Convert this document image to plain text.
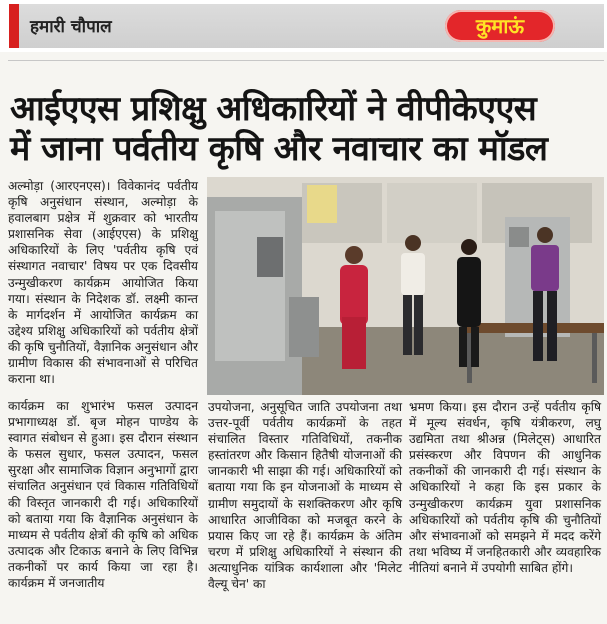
हमारी चौपाल	कुमाऊं
आईएएस प्रशिक्षु अधिकारियों ने वीपीकेएएस
में जाना पर्वतीय कृषि और नवाचार का मॉडल
अल्मोड़ा (आरएनएस)। विवेकानंद पर्वतीय कृषि अनुसंधान संस्थान, अल्मोड़ा के हवालबाग प्रक्षेत्र में शुक्रवार को भारतीय प्रशासनिक सेवा (आईएएस) के प्रशिक्षु अधिकारियों के लिए 'पर्वतीय कृषि एवं संस्थागत नवाचार' विषय पर एक दिवसीय उन्मुखीकरण कार्यक्रम आयोजित किया गया। संस्थान के निदेशक डॉ. लक्ष्मी कान्त के मार्गदर्शन में आयोजित कार्यक्रम का उद्देश्य प्रशिक्षु अधिकारियों को पर्वतीय क्षेत्रों की कृषि चुनौतियों, वैज्ञानिक अनुसंधान और ग्रामीण विकास की संभावनाओं से परिचित कराना था।
कार्यक्रम का शुभारंभ फसल उत्पादन प्रभागाध्यक्ष डॉ. बृज मोहन पाण्डेय के स्वागत संबोधन से हुआ। इस दौरान संस्थान के फसल सुधार, फसल उत्पादन, फसल सुरक्षा और सामाजिक विज्ञान अनुभागों द्वारा संचालित अनुसंधान एवं विकास गतिविधियों की विस्तृत जानकारी दी गई। अधिकारियों को बताया गया कि वैज्ञानिक अनुसंधान के माध्यम से पर्वतीय क्षेत्रों की कृषि को अधिक उत्पादक और टिकाऊ बनाने के लिए विभिन्न तकनीकों पर कार्य किया जा रहा है। कार्यक्रम में जनजातीय
उपयोजना, अनुसूचित जाति उपयोजना तथा उत्तर-पूर्वी पर्वतीय कार्यक्रमों के तहत संचालित विस्तार गतिविधियों, तकनीक हस्तांतरण और किसान हितैषी योजनाओं की जानकारी भी साझा की गई। अधिकारियों को बताया गया कि इन योजनाओं के माध्यम से ग्रामीण समुदायों के सशक्तिकरण और कृषि आधारित आजीविका को मजबूत करने के प्रयास किए जा रहे हैं। कार्यक्रम के अंतिम चरण में प्रशिक्षु अधिकारियों ने संस्थान की अत्याधुनिक यांत्रिक कार्यशाला और 'मिलेट वैल्यू चेन' का
भ्रमण किया। इस दौरान उन्हें पर्वतीय कृषि में मूल्य संवर्धन, कृषि यंत्रीकरण, लघु उद्यमिता तथा श्रीअन्न (मिलेट्स) आधारित प्रसंस्करण और विपणन की आधुनिक तकनीकों की जानकारी दी गई। संस्थान के अधिकारियों ने कहा कि इस प्रकार के उन्मुखीकरण कार्यक्रम युवा प्रशासनिक अधिकारियों को पर्वतीय कृषि की चुनौतियों और संभावनाओं को समझने में मदद करेंगे तथा भविष्य में जनहितकारी और व्यवहारिक नीतियां बनाने में उपयोगी साबित होंगे।
